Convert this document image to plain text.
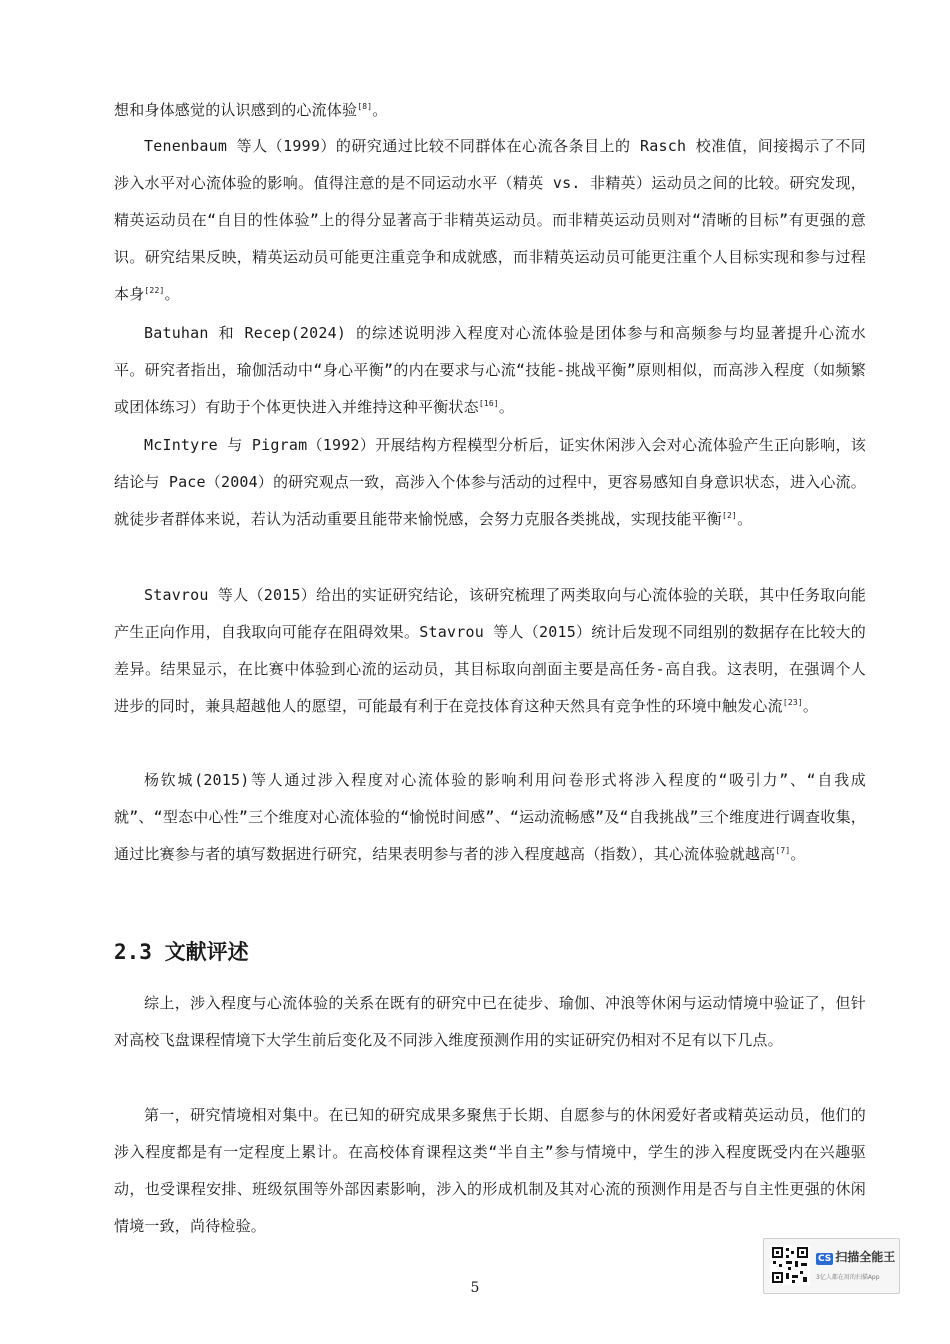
想和身体感觉的认识感到的心流体验[8]。

Tenenbaum 等人（1999）的研究通过比较不同群体在心流各条目上的 Rasch 校准值，间接揭示了不同涉入水平对心流体验的影响。值得注意的是不同运动水平（精英 vs. 非精英）运动员之间的比较。研究发现，精英运动员在“自目的性体验”上的得分显著高于非精英运动员。而非精英运动员则对“清晰的目标”有更强的意识。研究结果反映，精英运动员可能更注重竞争和成就感，而非精英运动员可能更注重个人目标实现和参与过程本身[22]。

Batuhan 和 Recep(2024) 的综述说明涉入程度对心流体验是团体参与和高频参与均显著提升心流水平。研究者指出，瑜伽活动中“身心平衡”的内在要求与心流“技能-挑战平衡”原则相似，而高涉入程度（如频繁或团体练习）有助于个体更快进入并维持这种平衡状态[16]。

McIntyre 与 Pigram（1992）开展结构方程模型分析后，证实休闲涉入会对心流体验产生正向影响，该结论与 Pace（2004）的研究观点一致，高涉入个体参与活动的过程中，更容易感知自身意识状态，进入心流。就徒步者群体来说，若认为活动重要且能带来愉悦感，会努力克服各类挑战，实现技能平衡[2]。

Stavrou 等人（2015）给出的实证研究结论，该研究梳理了两类取向与心流体验的关联，其中任务取向能产生正向作用，自我取向可能存在阻碍效果。Stavrou 等人（2015）统计后发现不同组别的数据存在比较大的差异。结果显示，在比赛中体验到心流的运动员，其目标取向剖面主要是高任务-高自我。这表明，在强调个人进步的同时，兼具超越他人的愿望，可能最有利于在竞技体育这种天然具有竞争性的环境中触发心流[23]。

杨钦城(2015)等人通过涉入程度对心流体验的影响利用问卷形式将涉入程度的“吸引力”、“自我成就”、“型态中心性”三个维度对心流体验的“愉悦时间感”、“运动流畅感”及“自我挑战”三个维度进行调查收集，通过比赛参与者的填写数据进行研究，结果表明参与者的涉入程度越高（指数），其心流体验就越高[7]。

2.3 文献评述

综上，涉入程度与心流体验的关系在既有的研究中已在徒步、瑜伽、冲浪等休闲与运动情境中验证了，但针对高校飞盘课程情境下大学生前后变化及不同涉入维度预测作用的实证研究仍相对不足有以下几点。

第一，研究情境相对集中。在已知的研究成果多聚焦于长期、自愿参与的休闲爱好者或精英运动员，他们的涉入程度都是有一定程度上累计。在高校体育课程这类“半自主”参与情境中，学生的涉入程度既受内在兴趣驱动，也受课程安排、班级氛围等外部因素影响，涉入的形成机制及其对心流的预测作用是否与自主性更强的休闲情境一致，尚待检验。

5
CS 扫描全能王
3亿人都在用的扫描App
